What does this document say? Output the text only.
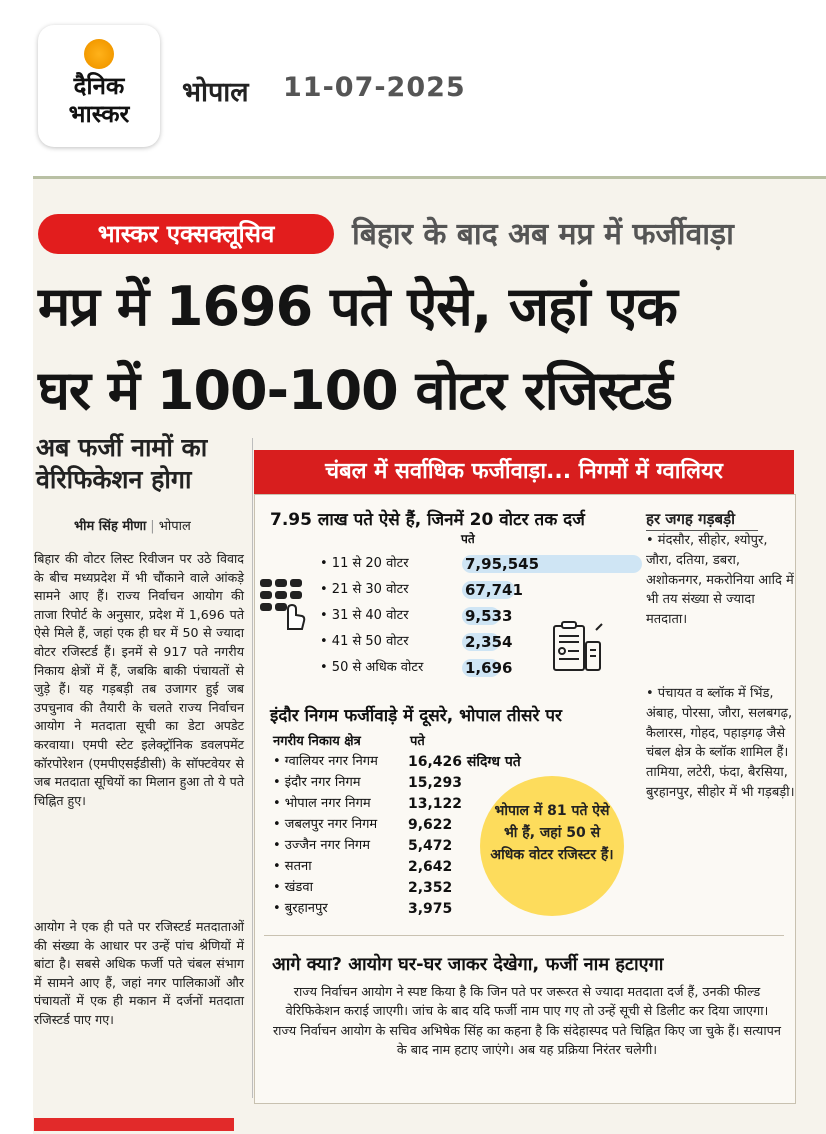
दैनिक
भास्कर
भोपाल 11-07-2025
भास्कर एक्सक्लूसिव	बिहार के बाद अब मप्र में फर्जीवाड़ा
मप्र में 1696 पते ऐसे, जहां एक
घर में 100-100 वोटर रजिस्टर्ड
अब फर्जी नामों का वेरिफिकेशन होगा
भीम सिंह मीणा | भोपाल
बिहार की वोटर लिस्ट रिवीजन पर उठे विवाद के बीच मध्यप्रदेश में भी चौंकाने वाले आंकड़े सामने आए हैं। राज्य निर्वाचन आयोग की ताजा रिपोर्ट के अनुसार, प्रदेश में 1,696 पते ऐसे मिले हैं, जहां एक ही घर में 50 से ज्यादा वोटर रजिस्टर्ड हैं। इनमें से 917 पते नगरीय निकाय क्षेत्रों में हैं, जबकि बाकी पंचायतों से जुड़े हैं। यह गड़बड़ी तब उजागर हुई जब उपचुनाव की तैयारी के चलते राज्य निर्वाचन आयोग ने मतदाता सूची का डेटा अपडेट करवाया। एमपी स्टेट इलेक्ट्रॉनिक डवलपमेंट कॉरपोरेशन (एमपीएसईडीसी) के सॉफ्टवेयर से जब मतदाता सूचियों का मिलान हुआ तो ये पते चिह्नित हुए।
आयोग ने एक ही पते पर रजिस्टर्ड मतदाताओं की संख्या के आधार पर उन्हें पांच श्रेणियों में बांटा है। सबसे अधिक फर्जी पते चंबल संभाग में सामने आए हैं, जहां नगर पालिकाओं और पंचायतों में एक ही मकान में दर्जनों मतदाता रजिस्टर्ड पाए गए।
चंबल में सर्वाधिक फर्जीवाड़ा... निगमों में ग्वालियर
7.95 लाख पते ऐसे हैं, जिनमें 20 वोटर तक दर्ज
पते
• 11 से 20 वोटर	7,95,545
• 21 से 30 वोटर	67,741
• 31 से 40 वोटर	9,533
• 41 से 50 वोटर	2,354
• 50 से अधिक वोटर	1,696
हर जगह गड़बड़ी
• मंदसौर, सीहोर, श्योपुर, जौरा, दतिया, डबरा, अशोकनगर, मकरोनिया आदि में भी तय संख्या से ज्यादा मतदाता।
• पंचायत व ब्लॉक में भिंड, अंबाह, पोरसा, जौरा, सलबगढ़, कैलारस, गोहद, पहाड़गढ़ जैसे चंबल क्षेत्र के ब्लॉक शामिल हैं। तामिया, लटेरी, फंदा, बैरसिया, बुरहानपुर, सीहोर में भी गड़बड़ी।
इंदौर निगम फर्जीवाड़े में दूसरे, भोपाल तीसरे पर
नगरीय निकाय क्षेत्र	पते
• ग्वालियर नगर निगम 16,426 संदिग्ध पते
• इंदौर नगर निगम	15,293
• भोपाल नगर निगम	13,122
• जबलपुर नगर निगम 9,622
• उज्जैन नगर निगम	5,472
• सतना	2,642
• खंडवा	2,352
• बुरहानपुर	3,975
भोपाल में 81 पते ऐसे भी हैं, जहां 50 से अधिक वोटर रजिस्टर हैं।
आगे क्या? आयोग घर-घर जाकर देखेगा, फर्जी नाम हटाएगा
राज्य निर्वाचन आयोग ने स्पष्ट किया है कि जिन पते पर जरूरत से ज्यादा मतदाता दर्ज हैं, उनकी फील्ड वेरिफिकेशन कराई जाएगी। जांच के बाद यदि फर्जी नाम पाए गए तो उन्हें सूची से डिलीट कर दिया जाएगा। राज्य निर्वाचन आयोग के सचिव अभिषेक सिंह का कहना है कि संदेहास्पद पते चिह्नित किए जा चुके हैं। सत्यापन के बाद नाम हटाए जाएंगे। अब यह प्रक्रिया निरंतर चलेगी।
